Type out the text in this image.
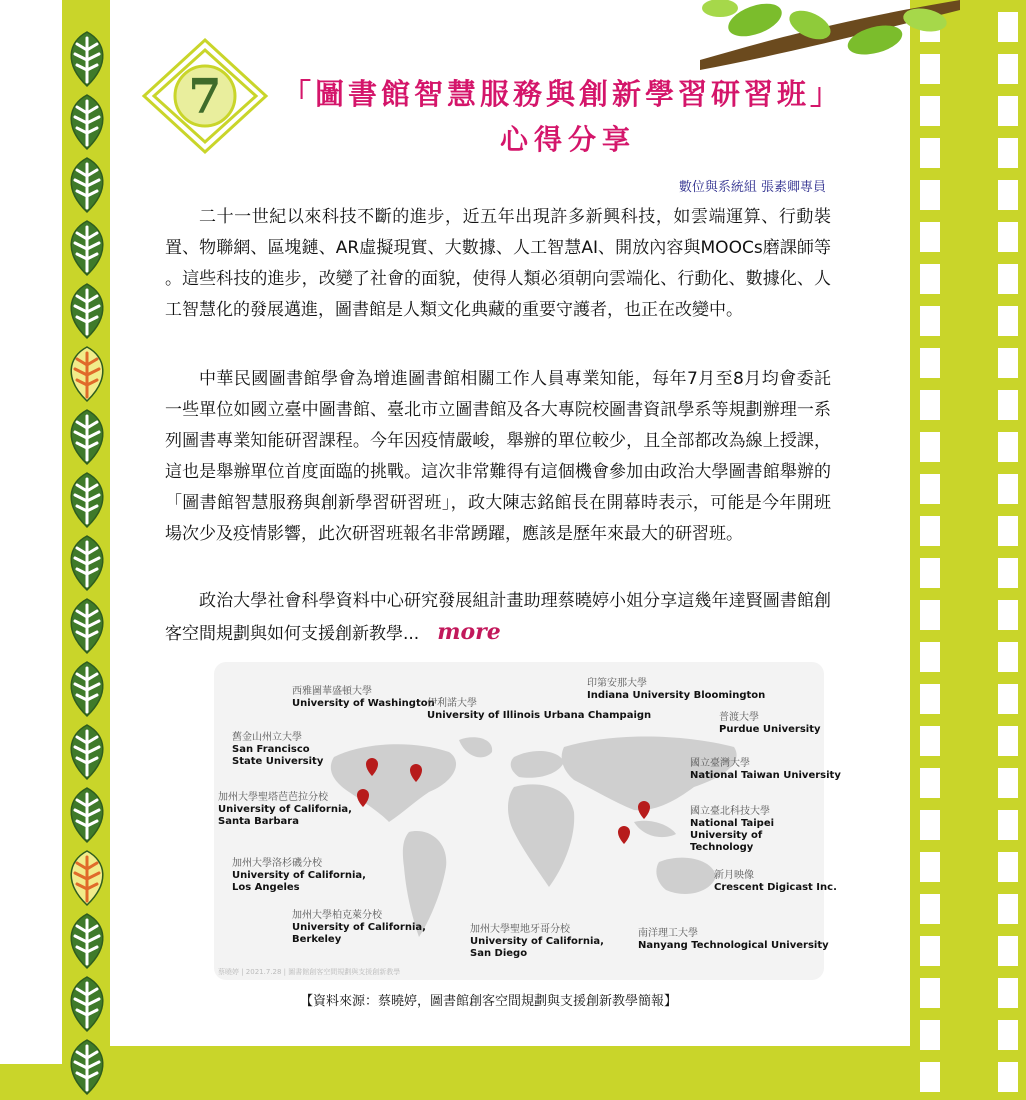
7 「圖書館智慧服務與創新學習研習班」
心得分享
數位與系統組 張素卿專員
二十一世紀以來科技不斷的進步，近五年出現許多新興科技，如雲端運算、行動裝置、物聯網、區塊鏈、AR虛擬現實、大數據、人工智慧AI、開放內容與MOOCs磨課師等 。這些科技的進步，改變了社會的面貌，使得人類必須朝向雲端化、行動化、數據化、人工智慧化的發展邁進，圖書館是人類文化典藏的重要守護者，也正在改變中。
中華民國圖書館學會為增進圖書館相關工作人員專業知能，每年7月至8月均會委託一些單位如國立臺中圖書館、臺北市立圖書館及各大專院校圖書資訊學系等規劃辦理一系列圖書專業知能研習課程。今年因疫情嚴峻，舉辦的單位較少，且全部都改為線上授課，這也是舉辦單位首度面臨的挑戰。這次非常難得有這個機會參加由政治大學圖書館舉辦的「圖書館智慧服務與創新學習研習班」，政大陳志銘館長在開幕時表示，可能是今年開班場次少及疫情影響，此次研習班報名非常踴躍，應該是歷年來最大的研習班。
政治大學社會科學資料中心研究發展組計畫助理蔡曉婷小姐分享這幾年達賢圖書館創客空間規劃與如何支援創新教學... more
西雅圖華盛頓大學
University of Washington
伊利諾大學
University of Illinois Urbana Champaign
印第安那大學
Indiana University Bloomington
普渡大學
Purdue University
舊金山州立大學
San Francisco State University	國立臺灣大學
National Taiwan University
加州大學聖塔芭芭拉分校
University of California, Santa Barbara
國立臺北科技大學
National Taipei University of Technology
加州大學洛杉磯分校
University of California, Los Angeles
新月映像
Crescent Digicast Inc.
加州大學柏克萊分校
University of California, Berkeley
加州大學聖地牙哥分校
University of California, San Diego
南洋理工大學
Nanyang Technological University
蔡曉婷 | 2021.7.28 | 圖書館創客空間規劃與支援創新教學
【資料來源：蔡曉婷，圖書館創客空間規劃與支援創新教學簡報】
